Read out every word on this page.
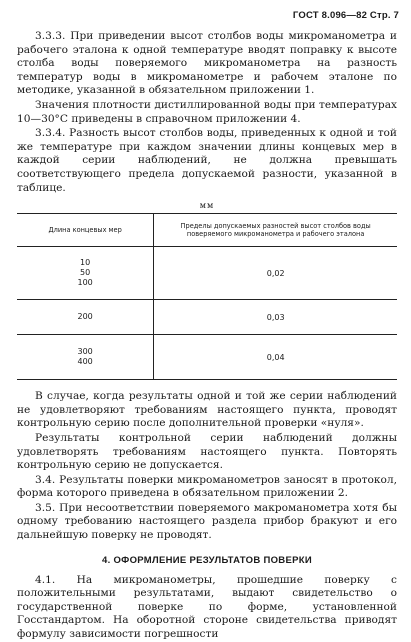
ГОСТ 8.096—82 Стр. 7

3.3.3. При приведении высот столбов воды микроманометра и рабочего эталона к одной температуре вводят поправку к высоте столба воды поверяемого микроманометра на разность температур воды в микроманометре и рабочем эталоне по методике, указанной в обязательном приложении 1.

Значения плотности дистиллированной воды при температурах 10—30°С приведены в справочном приложении 4.

3.3.4. Разность высот столбов воды, приведенных к одной и той же температуре при каждом значении длины концевых мер в каждой серии наблюдений, не должна превышать соответствующего предела допускаемой разности, указанной в таблице.

мм
Длина концевых мер	Пределы допускаемых разностей высот столбов воды поверяемого микроманометра и рабочего эталона

10
50
100	0,02

200	0,03

300
400	0,04

В случае, когда результаты одной и той же серии наблюдений не удовлетворяют требованиям настоящего пункта, проводят контрольную серию после дополнительной проверки «нуля».

Результаты контрольной серии наблюдений должны удовлетворять требованиям настоящего пункта. Повторять контрольную серию не допускается.

3.4. Результаты поверки микроманометров заносят в протокол, форма которого приведена в обязательном приложении 2.

3.5. При несоответствии поверяемого макроманометра хотя бы одному требованию настоящего раздела прибор бракуют и его дальнейшую поверку не проводят.

4. ОФОРМЛЕНИЕ РЕЗУЛЬТАТОВ ПОВЕРКИ

4.1. На микроманометры, прошедшие поверку с положительными результатами, выдают свидетельство о государственной поверке по форме, установленной Госстандартом. На оборотной стороне свидетельства приводят формулу зависимости погрешности
